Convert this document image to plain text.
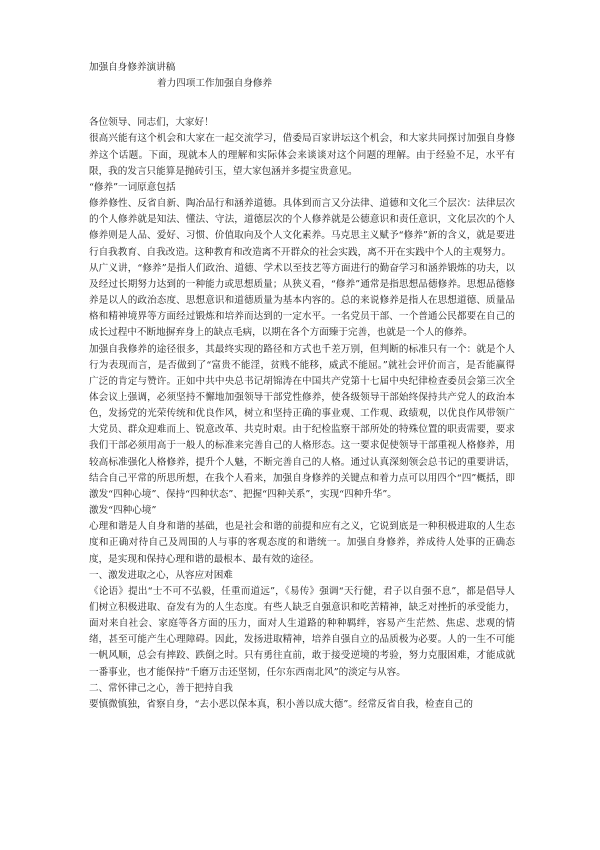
加强自身修养演讲稿
着力四项工作加强自身修养

各位领导、同志们，大家好！

很高兴能有这个机会和大家在一起交流学习，借委局百家讲坛这个机会，和大家共同探讨加强自身修养这个话题。下面，现就本人的理解和实际体会来谈谈对这个问题的理解。由于经验不足，水平有限，我的发言只能算是抛砖引玉，望大家包涵并多提宝贵意见。

“修养”一词原意包括

修养修性、反省自新、陶冶品行和涵养道德。具体到而言又分法律、道德和文化三个层次：法律层次的个人修养就是知法、懂法、守法，道德层次的个人修养就是公德意识和责任意识，文化层次的个人修养则是人品、爱好、习惯、价值取向及个人文化素养。马克思主义赋予“修养”新的含义，就是要进行自我教育、自我改造。这种教育和改造离不开群众的社会实践，离不开在实践中个人的主观努力。

从广义讲，“修养”是指人们政治、道德、学术以至技艺等方面进行的勤奋学习和涵养锻炼的功夫，以及经过长期努力达到的一种能力或思想质量；从狭义看，“修养”通常是指思想品德修养。思想品德修养是以人的政治态度、思想意识和道德质量为基本内容的。总的来说修养是指人在思想道德、质量品格和精神境界等方面经过锻炼和培养而达到的一定水平。一名党员干部、一个普通公民都要在自己的成长过程中不断地摒弃身上的缺点毛病，以期在各个方面臻于完善，也就是一个人的修养。

加强自我修养的途径很多，其最终实现的路径和方式也千差万别，但判断的标准只有一个：就是个人行为表现而言，是否做到了“富贵不能淫，贫贱不能移，威武不能屈。”就社会评价而言，是否能赢得广泛的肯定与赞许。正如中共中央总书记胡锦涛在中国共产党第十七届中央纪律检查委员会第三次全体会议上强调，必须坚持不懈地加强领导干部党性修养，使各级领导干部始终保持共产党人的政治本色，发扬党的光荣传统和优良作风，树立和坚持正确的事业观、工作观、政绩观，以优良作风带领广大党员、群众迎难而上、锐意改革、共克时艰。由于纪检监察干部所处的特殊位置的职责需要，要求我们干部必须用高于一般人的标准来完善自己的人格形态。这一要求促使领导干部重视人格修养，用较高标准强化人格修养，提升个人魅，不断完善自己的人格。通过认真深刻领会总书记的重要讲话，结合自己平常的所思所想，在我个人看来，加强自身修养的关键点和着力点可以用四个“四”概括，即激发“四种心境”、保持“四种状态”、把握“四种关系”，实现“四种升华”。

激发“四种心境”

心理和谐是人自身和谐的基础，也是社会和谐的前提和应有之义，它说到底是一种积极进取的人生态度和正确对待自己及周围的人与事的客观态度的和谐统一。加强自身修养，养成待人处事的正确态度，是实现和保持心理和谐的最根本、最有效的途径。

一、激发进取之心，从容应对困难

《论语》提出“士不可不弘毅，任重而道远”，《易传》强调“天行健，君子以自强不息”，都是倡导人们树立积极进取、奋发有为的人生态度。有些人缺乏自强意识和吃苦精神，缺乏对挫折的承受能力，面对来自社会、家庭等各方面的压力，面对人生道路的种种羁绊，容易产生茫然、焦虑、悲观的情绪，甚至可能产生心理障碍。因此，发扬进取精神，培养自强自立的品质极为必要。人的一生不可能一帆风顺，总会有摔跤、跌倒之时。只有勇往直前，敢于接受逆境的考验，努力克服困难，才能成就一番事业，也才能保持“千磨万击还坚韧，任尔东西南北风”的淡定与从容。

二、常怀律己之心，善于把持自我

要慎微慎独，省察自身，“去小恶以保本真，积小善以成大德”。经常反省自我，检查自己的
